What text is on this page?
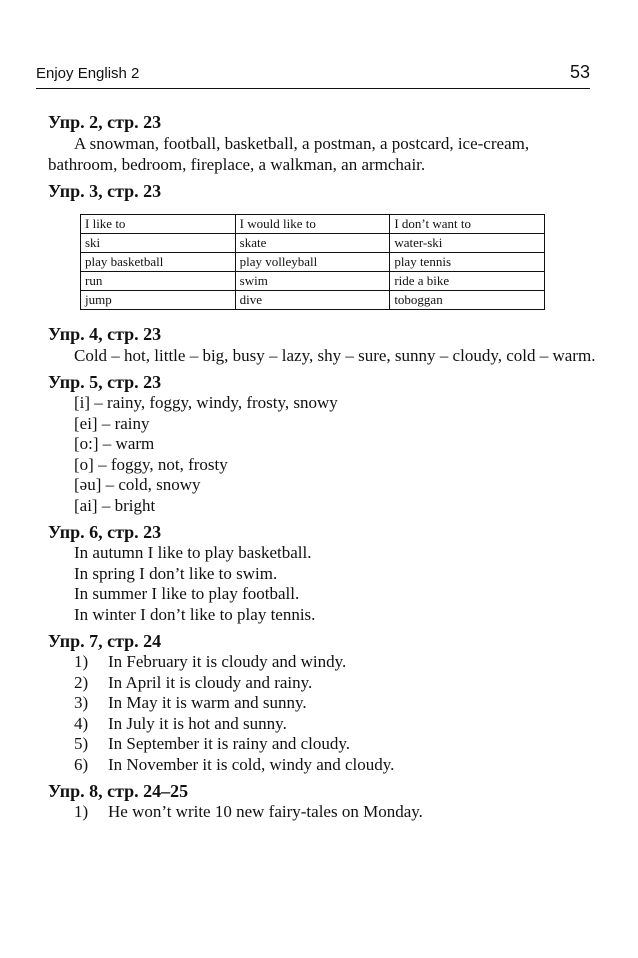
Enjoy English 2	53

Упр. 2, стр. 23

A snowman, football, basketball, a postman, a postcard, ice-cream, bathroom, bedroom, fireplace, a walkman, an armchair.

Упр. 3, стр. 23

I like to	I would like to	I don’t want to
ski	skate	water-ski
play basketball	play volleyball	play tennis
run	swim	ride a bike
jump	dive	toboggan

Упр. 4, стр. 23

Cold – hot, little – big, busy – lazy, shy – sure, sunny – cloudy, cold – warm.

Упр. 5, стр. 23

[i] – rainy, foggy, windy, frosty, snowy
[ei] – rainy
[o:] – warm
[o] – foggy, not, frosty
[əu] – cold, snowy
[ai] – bright

Упр. 6, стр. 23

In autumn I like to play basketball.
In spring I don’t like to swim.
In summer I like to play football.
In winter I don’t like to play tennis.

Упр. 7, стр. 24

1)	In February it is cloudy and windy.
2)	In April it is cloudy and rainy.
3)	In May it is warm and sunny.
4)	In July it is hot and sunny.
5)	In September it is rainy and cloudy.
6)	In November it is cold, windy and cloudy.

Упр. 8, стр. 24–25

1)	He won’t write 10 new fairy-tales on Monday.
